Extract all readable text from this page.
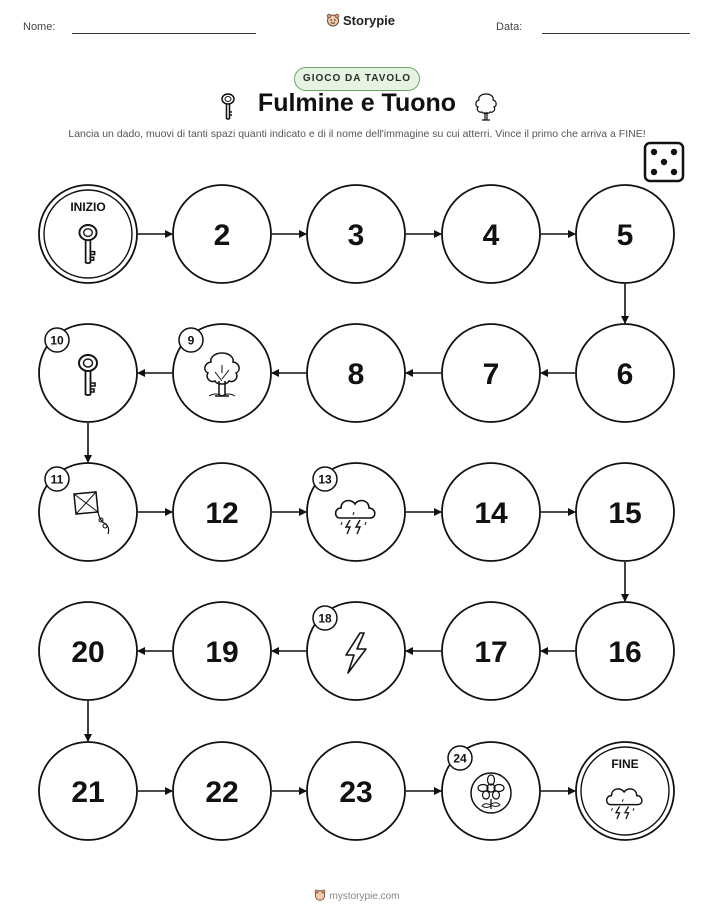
Nome:	Storypie	Data:
GIOCO DA TAVOLO
Fulmine e Tuono
Lancia un dado, muovi di tanti spazi quanti indicato e di il nome dell'immagine su cui atterri. Vince il primo che arriva a FINE!
INIZIO
2	3	4	5
6
7
8
9
10
11
12
13
14	15
16
17
18
19
20
21	22	23
24	FINE
mystorypie.com
